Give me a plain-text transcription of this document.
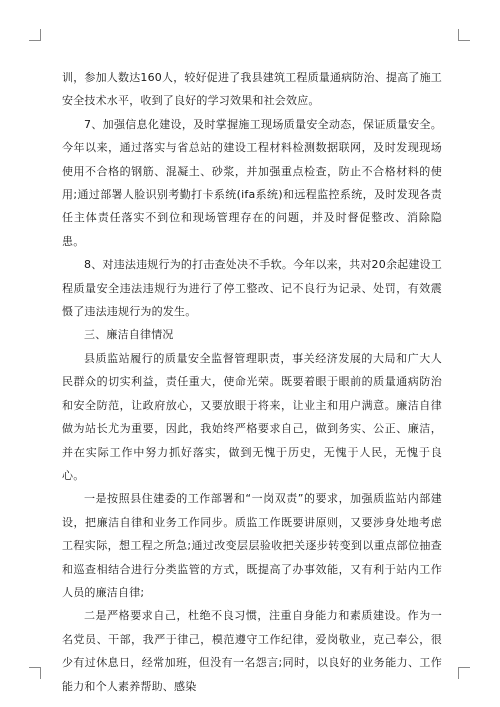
训，参加人数达160人，较好促进了我县建筑工程质量通病防治、提高了施工安全技术水平，收到了良好的学习效果和社会效应。

7、加强信息化建设，及时掌握施工现场质量安全动态，保证质量安全。今年以来，通过落实与省总站的建设工程材料检测数据联网，及时发现现场使用不合格的钢筋、混凝土、砂浆，并加强重点检查，防止不合格材料的使用;通过部署人脸识别考勤打卡系统(ifa系统)和远程监控系统，及时发现各责任主体责任落实不到位和现场管理存在的问题，并及时督促整改、消除隐患。

8、对违法违规行为的打击查处决不手软。今年以来，共对20余起建设工程质量安全违法违规行为进行了停工整改、记不良行为记录、处罚，有效震慑了违法违规行为的发生。

三、廉洁自律情况

县质监站履行的质量安全监督管理职责，事关经济发展的大局和广大人民群众的切实利益，责任重大，使命光荣。既要着眼于眼前的质量通病防治和安全防范，让政府放心，又要放眼于将来，让业主和用户满意。廉洁自律做为站长尤为重要，因此，我始终严格要求自己，做到务实、公正、廉洁，并在实际工作中努力抓好落实，做到无愧于历史，无愧于人民，无愧于良心。

一是按照县住建委的工作部署和“一岗双责”的要求，加强质监站内部建设，把廉洁自律和业务工作同步。质监工作既要讲原则，又要涉身处地考虑工程实际，想工程之所急;通过改变层层验收把关逐步转变到以重点部位抽查和巡查相结合进行分类监管的方式，既提高了办事效能，又有利于站内工作人员的廉洁自律;

二是严格要求自己，杜绝不良习惯，注重自身能力和素质建设。作为一名党员、干部，我严于律己，模范遵守工作纪律，爱岗敬业，克己奉公，很少有过休息日，经常加班，但没有一名怨言;同时，以良好的业务能力、工作能力和个人素养帮助、感染
